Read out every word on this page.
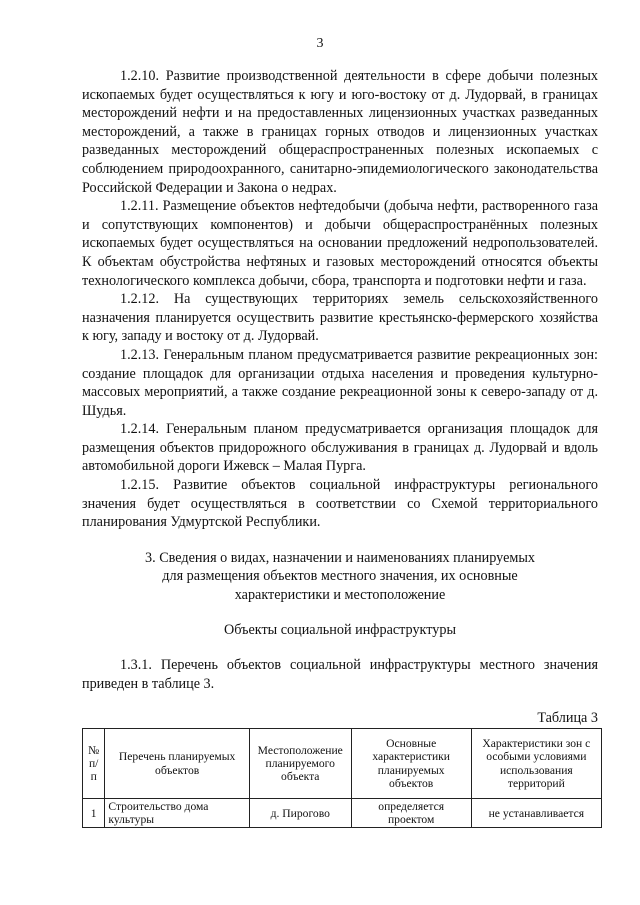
3

1.2.10. Развитие производственной деятельности в сфере добычи полезных ископаемых будет осуществляться к югу и юго-востоку от д. Лудорвай, в границах месторождений нефти и на предоставленных лицензионных участках разведанных месторождений, а также в границах горных отводов и лицензионных участках разведанных месторождений общераспространенных полезных ископаемых с соблюдением природоохранного, санитарно-эпидемиологического законодательства Российской Федерации и Закона о недрах.

1.2.11. Размещение объектов нефтедобычи (добыча нефти, растворенного газа и сопутствующих компонентов) и добычи общераспространённых полезных ископаемых будет осуществляться на основании предложений недропользователей. К объектам обустройства нефтяных и газовых месторождений относятся объекты технологического комплекса добычи, сбора, транспорта и подготовки нефти и газа.

1.2.12. На существующих территориях земель сельскохозяйственного назначения планируется осуществить развитие крестьянско-фермерского хозяйства к югу, западу и востоку от д. Лудорвай.

1.2.13. Генеральным планом предусматривается развитие рекреационных зон: создание площадок для организации отдыха населения и проведения культурно-массовых мероприятий, а также создание рекреационной зоны к северо-западу от д. Шудья.

1.2.14. Генеральным планом предусматривается организация площадок для размещения объектов придорожного обслуживания в границах д. Лудорвай и вдоль автомобильной дороги Ижевск – Малая Пурга.

1.2.15. Развитие объектов социальной инфраструктуры регионального значения будет осуществляться в соответствии со Схемой территориального планирования Удмуртской Республики.

3. Сведения о видах, назначении и наименованиях планируемых

для размещения объектов местного значения, их основные

характеристики и местоположение

Объекты социальной инфраструктуры

1.3.1. Перечень объектов социальной инфраструктуры местного значения приведен в таблице 3.

Таблица 3

№ п/п	Перечень планируемых объектов	Местоположение планируемого объекта	Основные характеристики планируемых объектов	Характеристики зон с особыми условиями использования территорий
1	Строительство дома культуры	д. Пирогово	определяется проектом	не устанавливается
